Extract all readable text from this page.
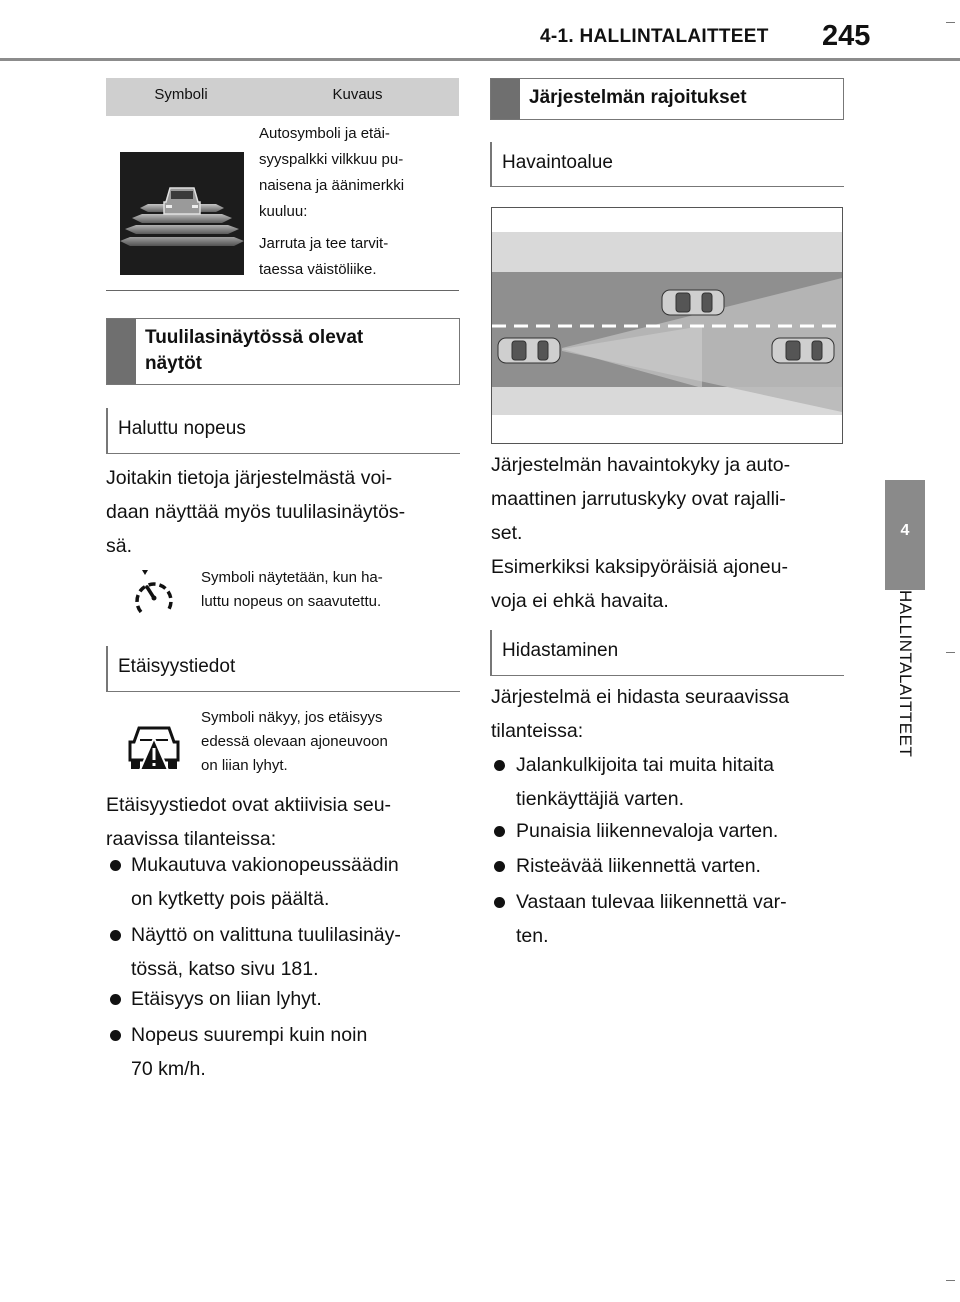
4-1. HALLINTALAITTEET 245
4
HALLINTALAITTEET
Symboli	Kuvaus
Autosymboli ja etäi-
syyspalkki vilkkuu pu-
naisena ja äänimerkki
kuuluu:
Jarruta ja tee tarvit-
taessa väistöliike.
Tuulilasinäytössä olevat
näytöt
Haluttu nopeus
Joitakin tietoja järjestelmästä voi-
daan näyttää myös tuulilasinäytös-
sä.
Symboli näytetään, kun ha-
luttu nopeus on saavutettu.
Etäisyystiedot
Symboli näkyy, jos etäisyys
edessä olevaan ajoneuvoon
on liian lyhyt.
Etäisyystiedot ovat aktiivisia seu-
raavissa tilanteissa:
Mukautuva vakionopeussäädin
on kytketty pois päältä.
Näyttö on valittuna tuulilasinäy-
tössä, katso sivu 181.
Etäisyys on liian lyhyt.
Nopeus suurempi kuin noin
70 km/h.
Järjestelmän rajoitukset
Havaintoalue
Järjestelmän havaintokyky ja auto-
maattinen jarrutuskyky ovat rajalli-
set.
Esimerkiksi kaksipyöräisiä ajoneu-
voja ei ehkä havaita.
Hidastaminen
Järjestelmä ei hidasta seuraavissa
tilanteissa:
Jalankulkijoita tai muita hitaita
tienkäyttäjiä varten.
Punaisia liikennevaloja varten.
Risteävää liikennettä varten.
Vastaan tulevaa liikennettä var-
ten.
